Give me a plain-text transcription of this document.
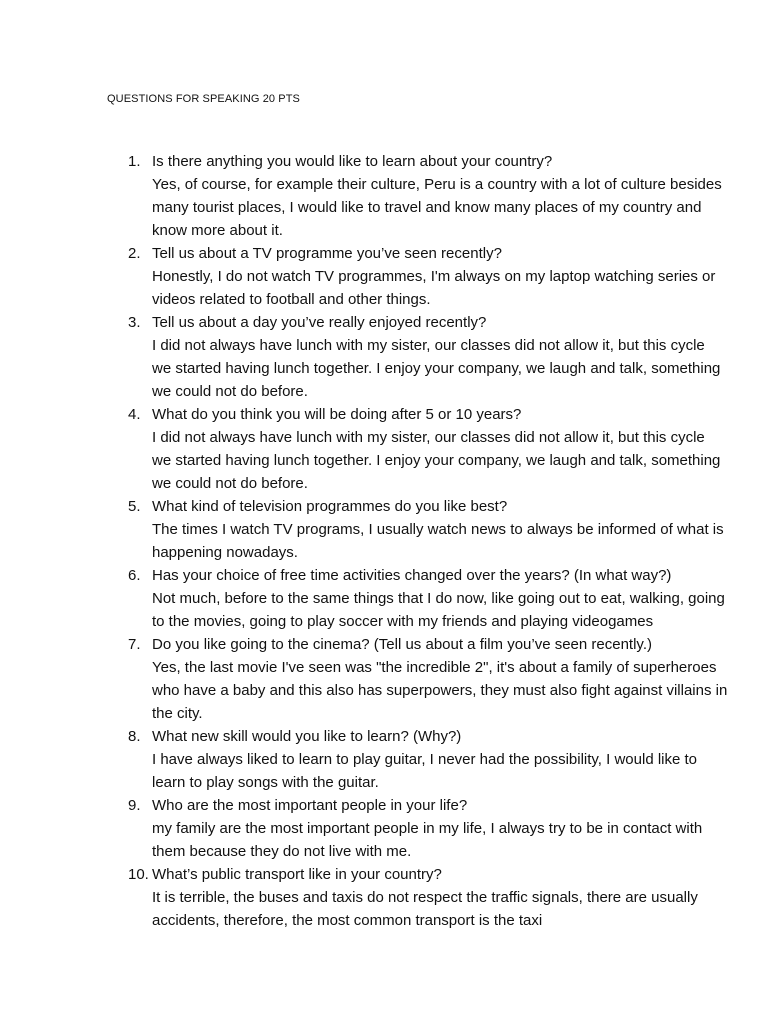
QUESTIONS FOR SPEAKING 20 PTS
1. Is there anything you would like to learn about your country?
Yes, of course, for example their culture, Peru is a country with a lot of culture besides many tourist places, I would like to travel and know many places of my country and know more about it.
2. Tell us about a TV programme you’ve seen recently?
Honestly, I do not watch TV programmes, I'm always on my laptop watching series or videos related to football and other things.
3. Tell us about a day you’ve really enjoyed recently?
I did not always have lunch with my sister, our classes did not allow it, but this cycle we started having lunch together. I enjoy your company, we laugh and talk, something we could not do before.
4. What do you think you will be doing after 5 or 10 years?
I did not always have lunch with my sister, our classes did not allow it, but this cycle we started having lunch together. I enjoy your company, we laugh and talk, something we could not do before.
5. What kind of television programmes do you like best?
The times I watch TV programs, I usually watch news to always be informed of what is happening nowadays.
6. Has your choice of free time activities changed over the years? (In what way?)
Not much, before to the same things that I do now, like going out to eat, walking, going to the movies, going to play soccer with my friends and playing videogames
7. Do you like going to the cinema? (Tell us about a film you’ve seen recently.)
Yes, the last movie I've seen was "the incredible 2", it's about a family of superheroes who have a baby and this also has superpowers, they must also fight against villains in the city.
8. What new skill would you like to learn? (Why?)
I have always liked to learn to play guitar, I never had the possibility, I would like to learn to play songs with the guitar.
9. Who are the most important people in your life?
my family are the most important people in my life, I always try to be in contact with them because they do not live with me.
10. What’s public transport like in your country?
It is terrible, the buses and taxis do not respect the traffic signals, there are usually accidents, therefore, the most common transport is the taxi
